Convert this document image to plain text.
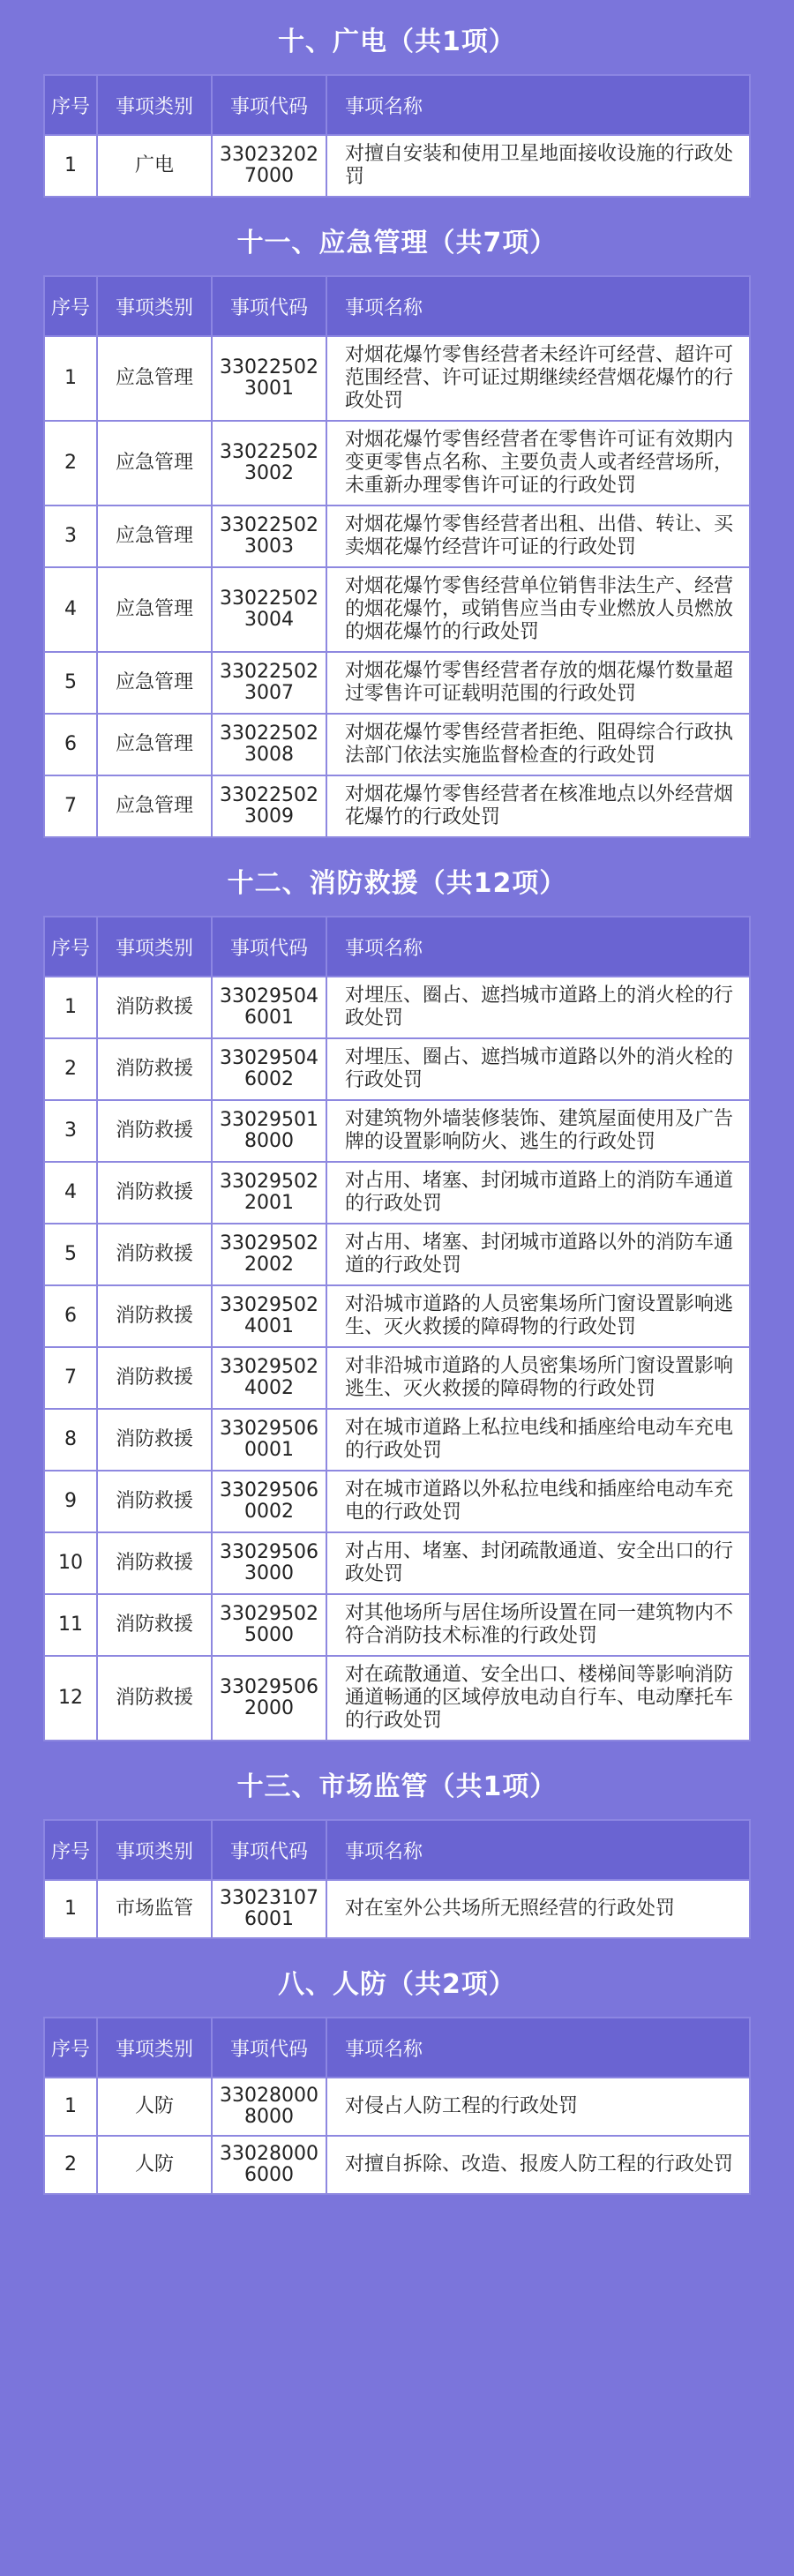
十、广电（共1项）
序号	事项类别	事项代码	事项名称
1	广电	33023202 7000	对擅自安装和使用卫星地面接收设施的行政处罚
十一、应急管理（共7项）
序号	事项类别	事项代码	事项名称
1	应急管理	33022502 3001	对烟花爆竹零售经营者未经许可经营、超许可范围经营、许可证过期继续经营烟花爆竹的行政处罚
2	应急管理	33022502 3002	对烟花爆竹零售经营者在零售许可证有效期内变更零售点名称、主要负责人或者经营场所，未重新办理零售许可证的行政处罚
3	应急管理	33022502 3003	对烟花爆竹零售经营者出租、出借、转让、买卖烟花爆竹经营许可证的行政处罚
4	应急管理	33022502 3004	对烟花爆竹零售经营单位销售非法生产、经营的烟花爆竹，或销售应当由专业燃放人员燃放的烟花爆竹的行政处罚
5	应急管理	33022502 3007	对烟花爆竹零售经营者存放的烟花爆竹数量超过零售许可证载明范围的行政处罚
6	应急管理	33022502 3008	对烟花爆竹零售经营者拒绝、阻碍综合行政执法部门依法实施监督检查的行政处罚
7	应急管理	33022502 3009	对烟花爆竹零售经营者在核准地点以外经营烟花爆竹的行政处罚
十二、消防救援（共12项）
序号	事项类别	事项代码	事项名称
1	消防救援	33029504 6001	对埋压、圈占、遮挡城市道路上的消火栓的行政处罚
2	消防救援	33029504 6002	对埋压、圈占、遮挡城市道路以外的消火栓的行政处罚
3	消防救援	33029501 8000	对建筑物外墙装修装饰、建筑屋面使用及广告牌的设置影响防火、逃生的行政处罚
4	消防救援	33029502 2001	对占用、堵塞、封闭城市道路上的消防车通道的行政处罚
5	消防救援	33029502 2002	对占用、堵塞、封闭城市道路以外的消防车通道的行政处罚
6	消防救援	33029502 4001	对沿城市道路的人员密集场所门窗设置影响逃生、灭火救援的障碍物的行政处罚
7	消防救援	33029502 4002	对非沿城市道路的人员密集场所门窗设置影响逃生、灭火救援的障碍物的行政处罚
8	消防救援	33029506 0001	对在城市道路上私拉电线和插座给电动车充电的行政处罚
9	消防救援	33029506 0002	对在城市道路以外私拉电线和插座给电动车充电的行政处罚
10	消防救援	33029506 3000	对占用、堵塞、封闭疏散通道、安全出口的行政处罚
11	消防救援	33029502 5000	对其他场所与居住场所设置在同一建筑物内不符合消防技术标准的行政处罚
12	消防救援	33029506 2000	对在疏散通道、安全出口、楼梯间等影响消防通道畅通的区域停放电动自行车、电动摩托车的行政处罚
十三、市场监管（共1项）
序号	事项类别	事项代码	事项名称
1	市场监管	33023107 6001	对在室外公共场所无照经营的行政处罚
八、人防（共2项）
序号	事项类别	事项代码	事项名称
1	人防	33028000 8000	对侵占人防工程的行政处罚
2	人防	33028000 6000	对擅自拆除、改造、报废人防工程的行政处罚
